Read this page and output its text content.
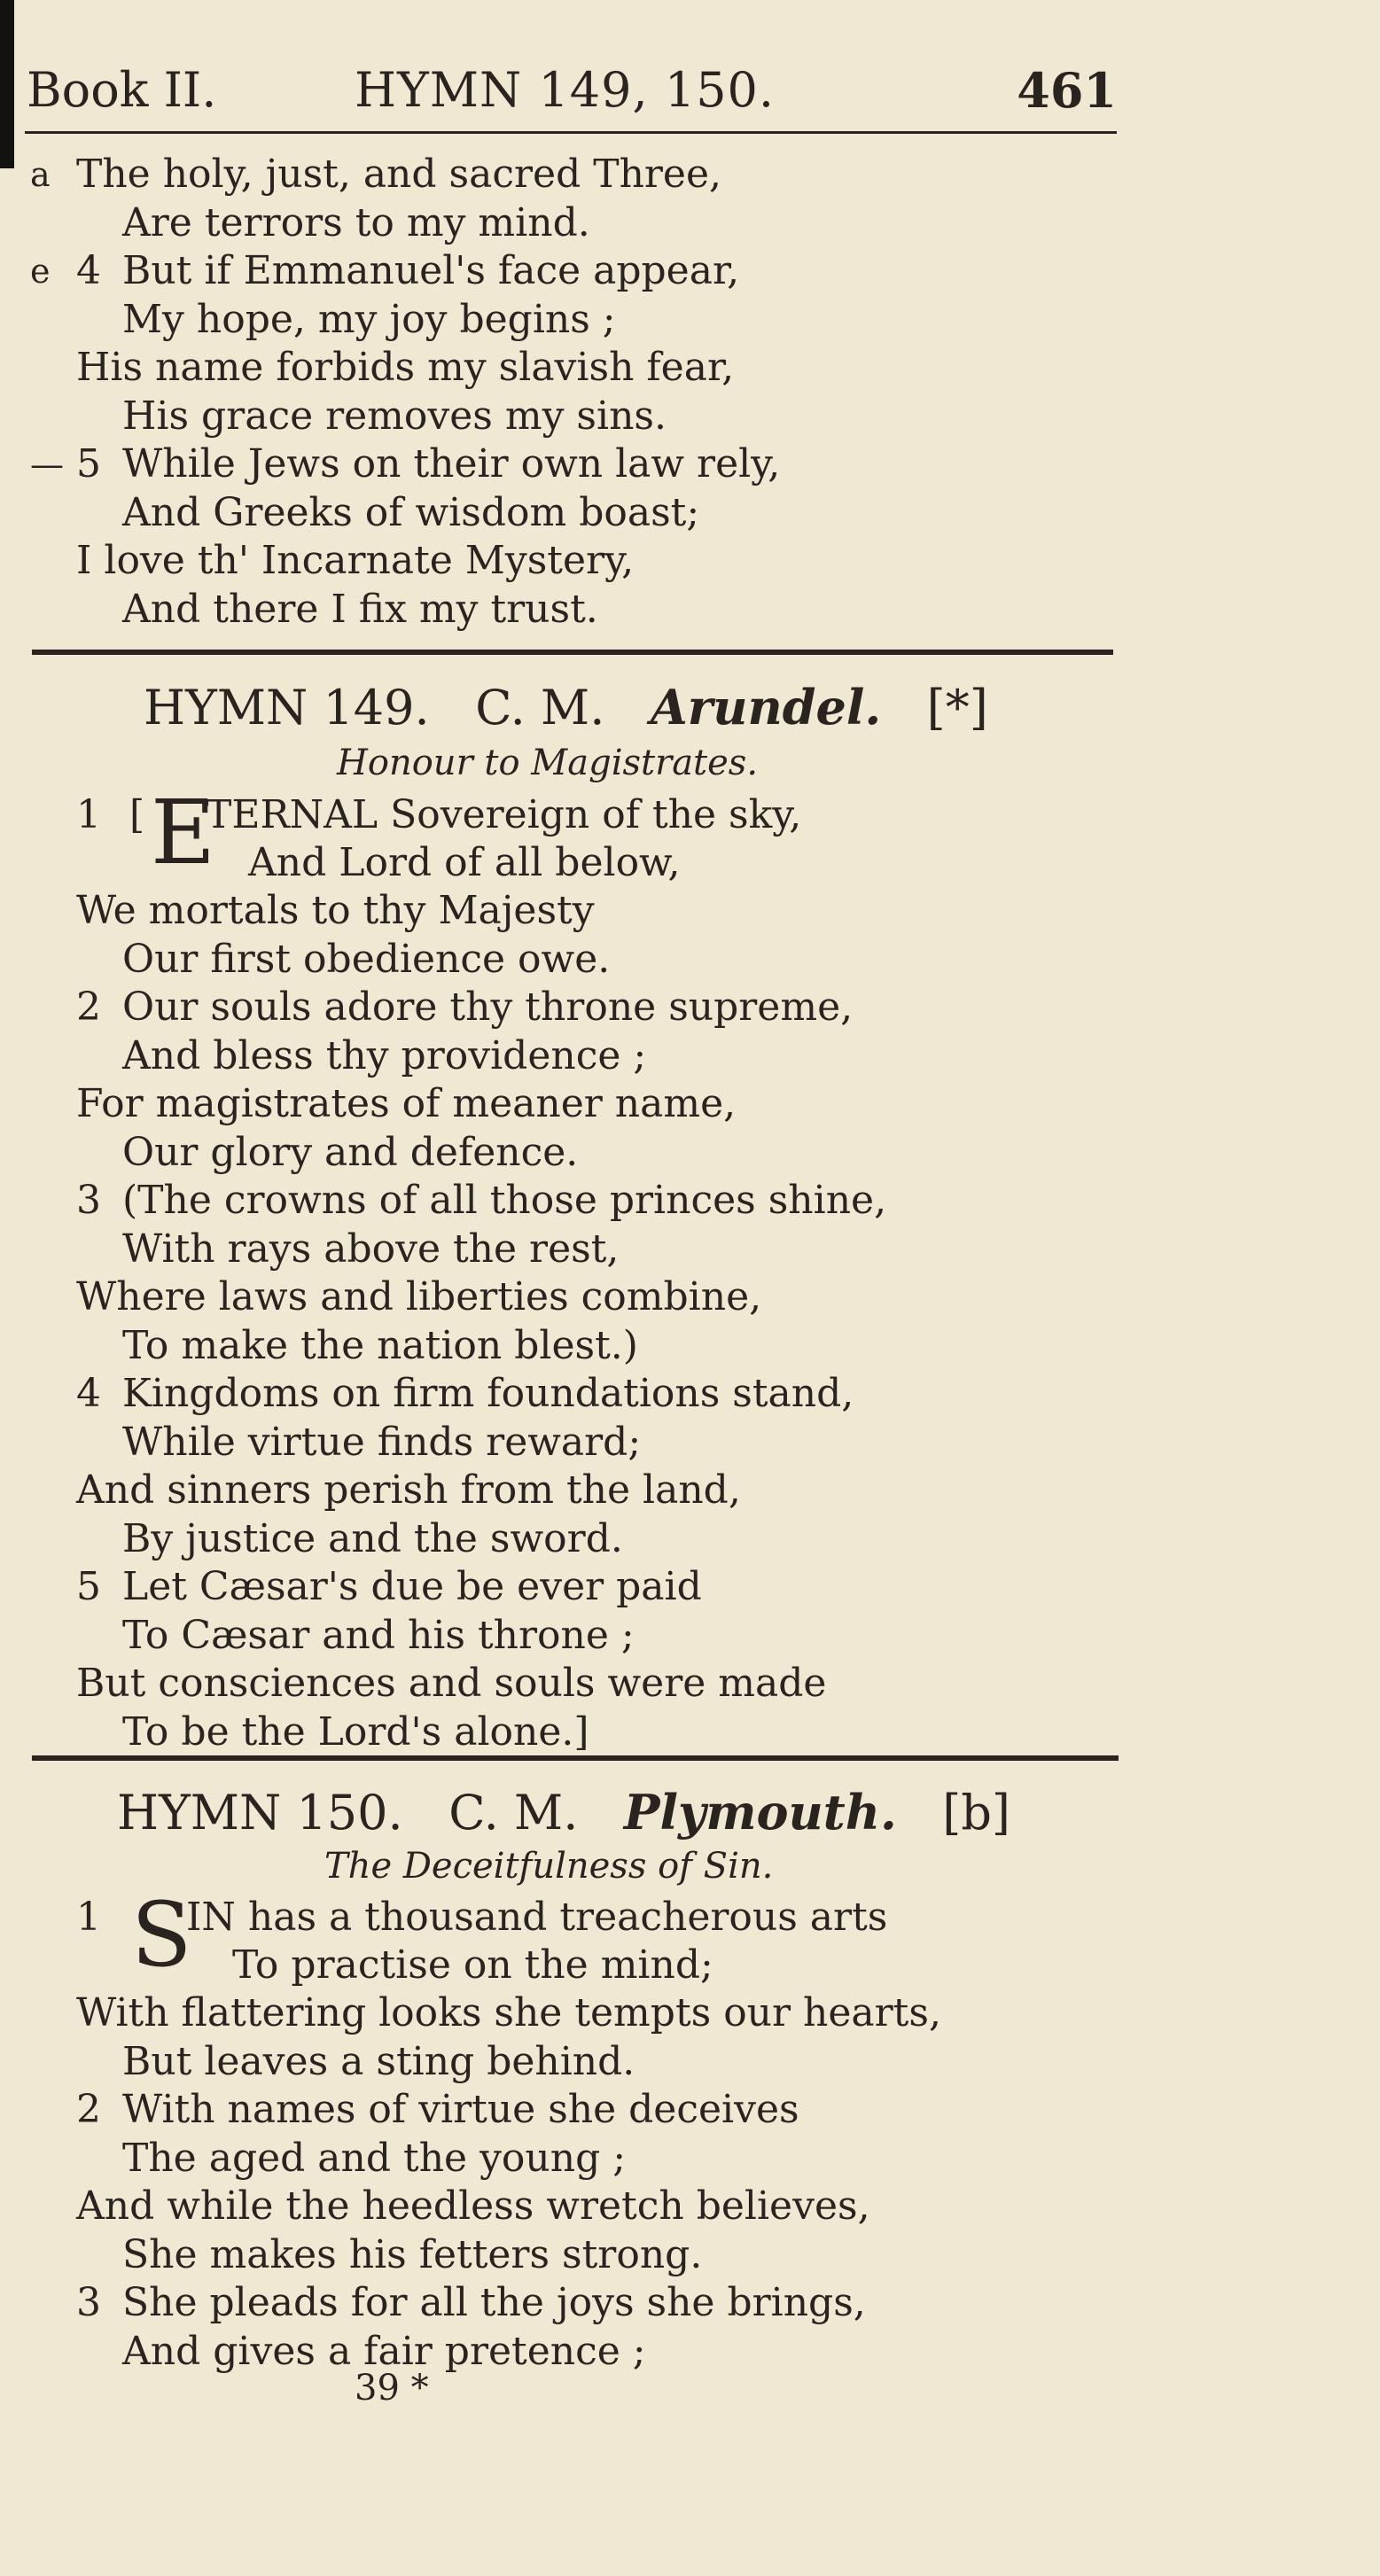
Book II.	HYMN 149, 150.	461
a The holy, just, and sacred Three,
Are terrors to my mind.
e 4 But if Emmanuel's face appear,
My hope, my joy begins ;
His name forbids my slavish fear,
His grace removes my sins.
— 5 While Jews on their own law rely,
And Greeks of wisdom boast;
I love th' Incarnate Mystery,
And there I fix my trust.
HYMN 149. C. M. Arundel. [*]
Honour to Magistrates.
1 [ E
TERNAL Sovereign of the sky,
And Lord of all below,
We mortals to thy Majesty
Our first obedience owe.
2 Our souls adore thy throne supreme,
And bless thy providence ;
For magistrates of meaner name,
Our glory and defence.
3 (The crowns of all those princes shine,
With rays above the rest,
Where laws and liberties combine,
To make the nation blest.)
4 Kingdoms on firm foundations stand,
While virtue finds reward;
And sinners perish from the land,
By justice and the sword.
5 Let Cæsar's due be ever paid
To Cæsar and his throne ;
But consciences and souls were made
To be the Lord's alone.]
HYMN 150. C. M. Plymouth. [b]
The Deceitfulness of Sin.
1 S
IN has a thousand treacherous arts
To practise on the mind;
With flattering looks she tempts our hearts,
But leaves a sting behind.
2 With names of virtue she deceives
The aged and the young ;
And while the heedless wretch believes,
She makes his fetters strong.
3 She pleads for all the joys she brings,
And gives a fair pretence ;
39 *
